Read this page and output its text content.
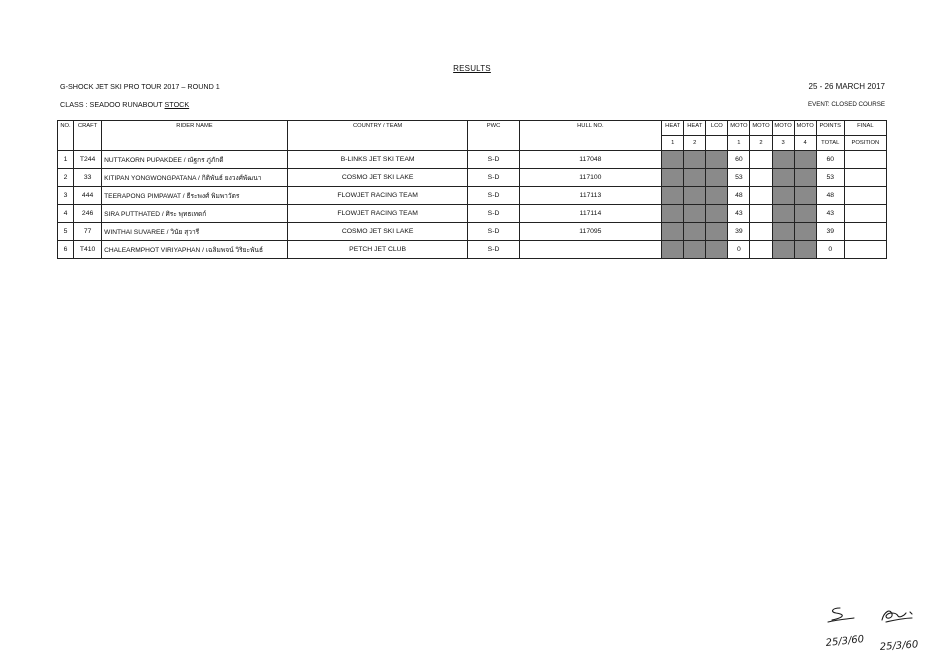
RESULTS
G-SHOCK JET SKI PRO TOUR 2017 – ROUND 1	25 - 26 MARCH 2017
CLASS : SEADOO RUNABOUT STOCK	EVENT: CLOSED COURSE
NO.	CRAFT	RIDER NAME	COUNTRY / TEAM	PWC	HULL NO.	HEAT	HEAT	LCO	MOTO	MOTO	MOTO	MOTO	POINTS	FINAL
						1	2		1	2	3	4	TOTAL	POSITION
1	T244	NUTTAKORN PUPAKDEE / ณัฐกร ภู่ภักดี	B-LINKS JET SKI TEAM	S-D	117048				60				60	
2	33	KITIPAN YONGWONGPATANA / กิติพันธ์ ยงวงศ์พัฒนา	COSMO JET SKI LAKE	S-D	117100				53				53	
3	444	TEERAPONG PIMPAWAT / ธีระพงศ์ พิมพาวัตร	FLOWJET RACING TEAM	S-D	117113				48				48	
4	246	SIRA PUTTHATED / ศิระ พุทธเทดก์	FLOWJET RACING TEAM	S-D	117114				43				43	
5	77	WINTHAI SUVAREE / วินัย สุวารี	COSMO JET SKI LAKE	S-D	117095				39				39	
6	T410	CHALEARMPHOT VIRIYAPHAN / เฉลิมพจน์ วิริยะพันธ์	PETCH JET CLUB	S-D					0				0	
25/3/60 25/3/60
